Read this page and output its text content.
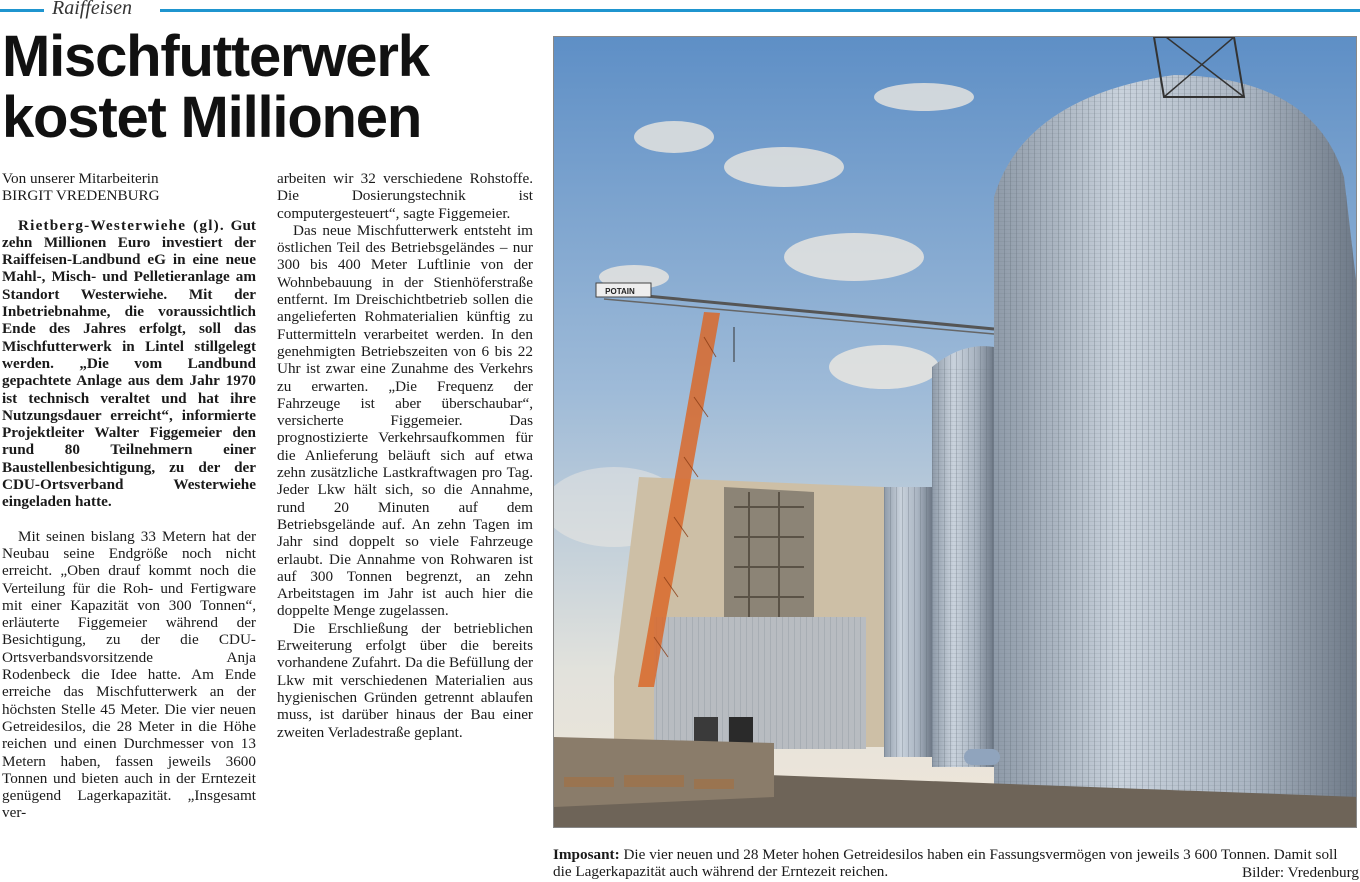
Raiffeisen
Mischfutterwerk
kostet Millionen
Von unserer Mitarbeiterin
BIRGIT VREDENBURG

Rietberg-Westerwiehe (gl). Gut zehn Millionen Euro investiert der Raiffeisen-Landbund eG in eine neue Mahl-, Misch- und Pelletieranlage am Standort Westerwiehe. Mit der Inbetriebnahme, die voraussichtlich Ende des Jahres erfolgt, soll das Mischfutterwerk in Lintel stillgelegt werden. „Die vom Landbund gepachtete Anlage aus dem Jahr 1970 ist technisch veraltet und hat ihre Nutzungsdauer erreicht“, informierte Projektleiter Walter Figgemeier den rund 80 Teilnehmern einer Baustellenbesichtigung, zu der der CDU-Ortsverband Westerwiehe eingeladen hatte.

Mit seinen bislang 33 Metern hat der Neubau seine Endgröße noch nicht erreicht. „Oben drauf kommt noch die Verteilung für die Roh- und Fertigware mit einer Kapazität von 300 Tonnen“, erläuterte Figgemeier während der Besichtigung, zu der die CDU-Ortsverbandsvorsitzende Anja Rodenbeck die Idee hatte. Am Ende erreiche das Mischfutterwerk an der höchsten Stelle 45 Meter. Die vier neuen Getreidesilos, die 28 Meter in die Höhe reichen und einen Durchmesser von 13 Metern haben, fassen jeweils 3600 Tonnen und bieten auch in der Erntezeit genügend Lagerkapazität. „Insgesamt ver-

arbeiten wir 32 verschiedene Rohstoffe. Die Dosierungstechnik ist computergesteuert“, sagte Figgemeier.

Das neue Mischfutterwerk entsteht im östlichen Teil des Betriebsgeländes – nur 300 bis 400 Meter Luftlinie von der Wohnbebauung in der Stienhöferstraße entfernt. Im Dreischichtbetrieb sollen die angelieferten Rohmaterialien künftig zu Futtermitteln verarbeitet werden. In den genehmigten Betriebszeiten von 6 bis 22 Uhr ist zwar eine Zunahme des Verkehrs zu erwarten. „Die Frequenz der Fahrzeuge ist aber überschaubar“, versicherte Figgemeier. Das prognostizierte Verkehrsaufkommen für die Anlieferung beläuft sich auf etwa zehn zusätzliche Lastkraftwagen pro Tag. Jeder Lkw hält sich, so die Annahme, rund 20 Minuten auf dem Betriebsgelände auf. An zehn Tagen im Jahr sind doppelt so viele Fahrzeuge erlaubt. Die Annahme von Rohwaren ist auf 300 Tonnen begrenzt, an zehn Arbeitstagen im Jahr ist auch hier die doppelte Menge zugelassen.

Die Erschließung der betrieblichen Erweiterung erfolgt über die bereits vorhandene Zufahrt. Da die Befüllung der Lkw mit verschiedenen Materialien aus hygienischen Gründen getrennt ablaufen muss, ist darüber hinaus der Bau einer zweiten Verladestraße geplant.

POTAIN
Imposant: Die vier neuen und 28 Meter hohen Getreidesilos haben ein Fassungsvermögen von jeweils 3 600 Tonnen. Damit soll die Lagerkapazität auch während der Erntezeit reichen.	Bilder: Vredenburg
